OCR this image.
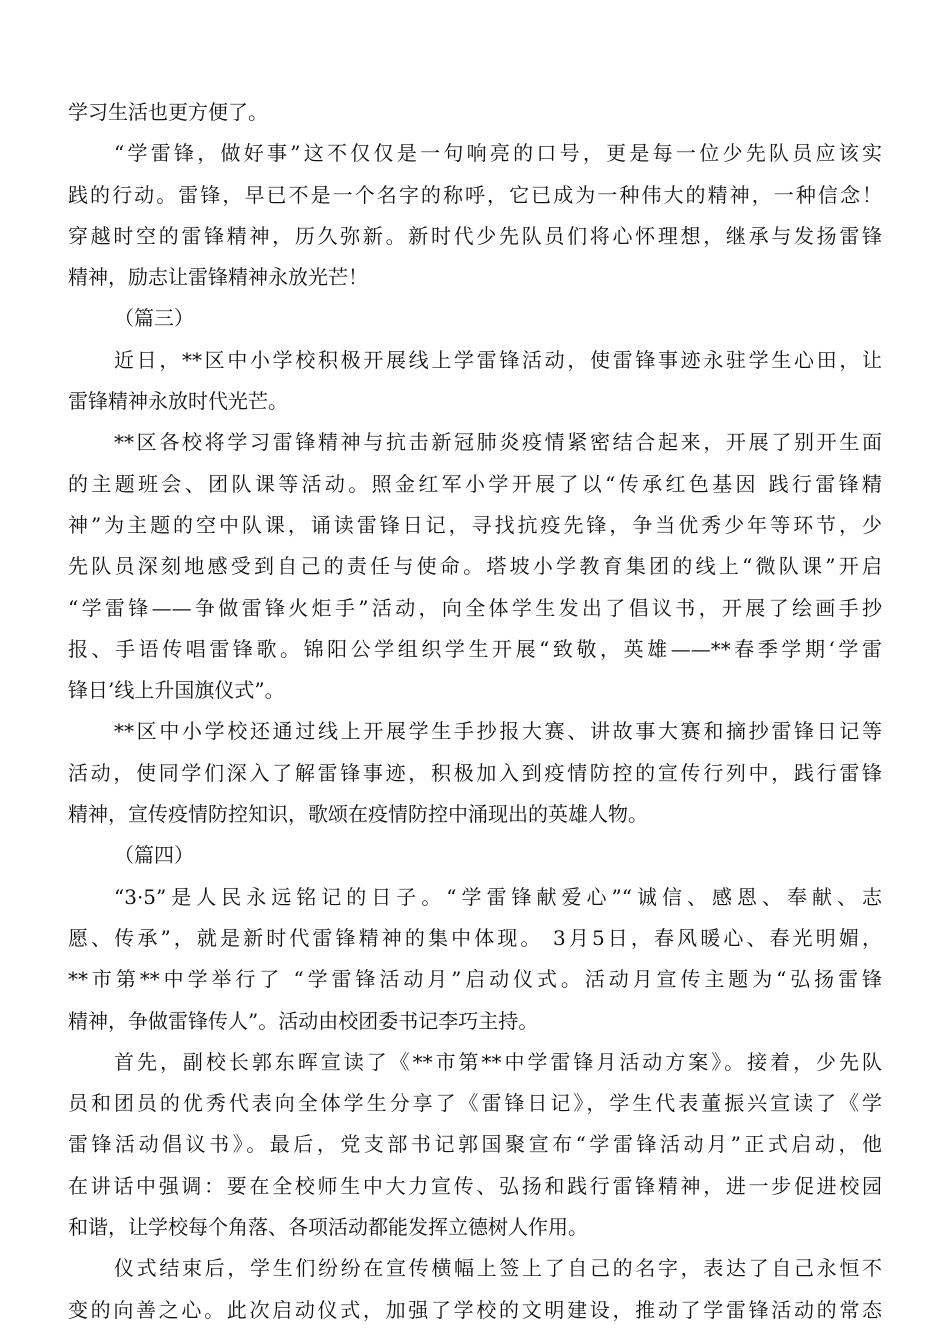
学习生活也更方便了。
“学雷锋，做好事”这不仅仅是一句响亮的口号，更是每一位少先队员应该实
践的行动。雷锋，早已不是一个名字的称呼，它已成为一种伟大的精神，一种信念！
穿越时空的雷锋精神，历久弥新。新时代少先队员们将心怀理想，继承与发扬雷锋
精神，励志让雷锋精神永放光芒！
（篇三）
近日，**区中小学校积极开展线上学雷锋活动，使雷锋事迹永驻学生心田，让
雷锋精神永放时代光芒。
**区各校将学习雷锋精神与抗击新冠肺炎疫情紧密结合起来，开展了别开生面
的主题班会、团队课等活动。照金红军小学开展了以“传承红色基因 践行雷锋精
神”为主题的空中队课，诵读雷锋日记，寻找抗疫先锋，争当优秀少年等环节，少
先队员深刻地感受到自己的责任与使命。塔坡小学教育集团的线上“微队课”开启
“学雷锋——争做雷锋火炬手”活动，向全体学生发出了倡议书，开展了绘画手抄
报、手语传唱雷锋歌。锦阳公学组织学生开展“致敬，英雄——**春季学期‘学雷
锋日’线上升国旗仪式”。
**区中小学校还通过线上开展学生手抄报大赛、讲故事大赛和摘抄雷锋日记等
活动，使同学们深入了解雷锋事迹，积极加入到疫情防控的宣传行列中，践行雷锋
精神，宣传疫情防控知识，歌颂在疫情防控中涌现出的英雄人物。
（篇四）
“3·5”是人民永远铭记的日子。“学雷锋献爱心”“诚信、感恩、奉献、志
愿、传承”，就是新时代雷锋精神的集中体现。 3月5日，春风暖心、春光明媚，
**市第**中学举行了 “学雷锋活动月”启动仪式。活动月宣传主题为“弘扬雷锋
精神，争做雷锋传人”。活动由校团委书记李巧主持。
首先，副校长郭东晖宣读了《**市第**中学雷锋月活动方案》。接着，少先队
员和团员的优秀代表向全体学生分享了《雷锋日记》，学生代表董振兴宣读了《学
雷锋活动倡议书》。最后，党支部书记郭国聚宣布“学雷锋活动月”正式启动，他
在讲话中强调：要在全校师生中大力宣传、弘扬和践行雷锋精神，进一步促进校园
和谐，让学校每个角落、各项活动都能发挥立德树人作用。
仪式结束后，学生们纷纷在宣传横幅上签上了自己的名字，表达了自己永恒不
变的向善之心。此次启动仪式，加强了学校的文明建设，推动了学雷锋活动的常态
